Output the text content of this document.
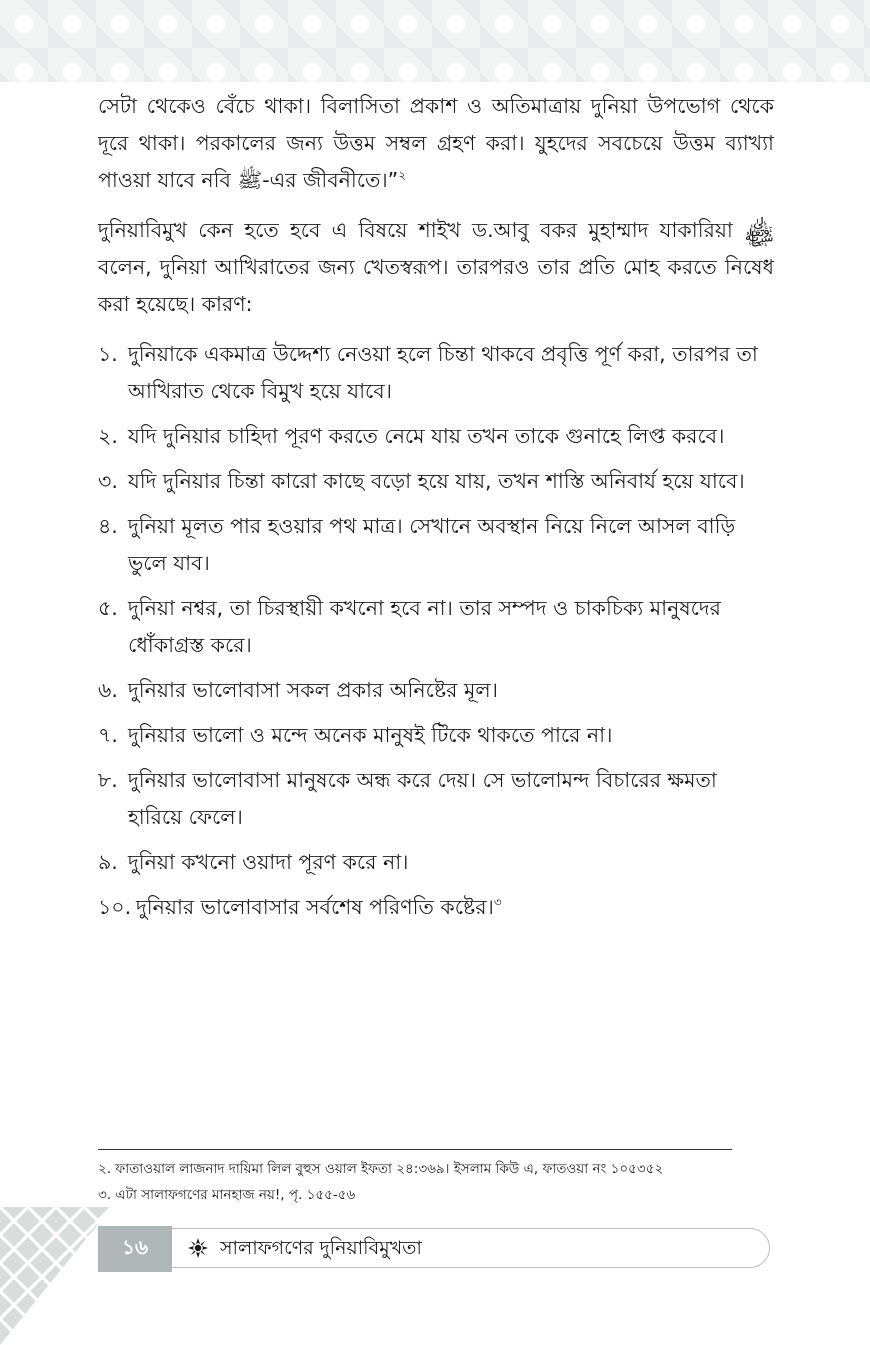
সেটা থেকেও বেঁচে থাকা। বিলাসিতা প্রকাশ ও অতিমাত্রায় দুনিয়া উপভোগ থেকে দূরে থাকা। পরকালের জন্য উত্তম সম্বল গ্রহণ করা। যুহদের সবচেয়ে উত্তম ব্যাখ্যা পাওয়া যাবে নবি ﷺ-এর জীবনীতে।”$^২$

দুনিয়াবিমুখ কেন হতে হবে এ বিষয়ে শাইখ ড.আবু বকর মুহাম্মাদ যাকারিয়া ﷾ বলেন, দুনিয়া আখিরাতের জন্য খেতস্বরূপ। তারপরও তার প্রতি মোহ করতে নিষেধ করা হয়েছে। কারণ:

১. দুনিয়াকে একমাত্র উদ্দেশ্য নেওয়া হলে চিন্তা থাকবে প্রবৃত্তি পূর্ণ করা, তারপর তা আখিরাত থেকে বিমুখ হয়ে যাবে।
২. যদি দুনিয়ার চাহিদা পূরণ করতে নেমে যায় তখন তাকে গুনাহে লিপ্ত করবে।
৩. যদি দুনিয়ার চিন্তা কারো কাছে বড়ো হয়ে যায়, তখন শাস্তি অনিবার্য হয়ে যাবে।
৪. দুনিয়া মূলত পার হওয়ার পথ মাত্র। সেখানে অবস্থান নিয়ে নিলে আসল বাড়ি ভুলে যাব।
৫. দুনিয়া নশ্বর, তা চিরস্থায়ী কখনো হবে না। তার সম্পদ ও চাকচিক্য মানুষদের ধোঁকাগ্রস্ত করে।
৬. দুনিয়ার ভালোবাসা সকল প্রকার অনিষ্টের মূল।
৭. দুনিয়ার ভালো ও মন্দে অনেক মানুষই টিকে থাকতে পারে না।
৮. দুনিয়ার ভালোবাসা মানুষকে অন্ধ করে দেয়। সে ভালোমন্দ বিচারের ক্ষমতা হারিয়ে ফেলে।
৯. দুনিয়া কখনো ওয়াদা পূরণ করে না।
১০. দুনিয়ার ভালোবাসার সর্বশেষ পরিণতি কষ্টের।$^৩$
২. ফাতাওয়াল লাজনাদ দায়িমা লিল বুহুস ওয়াল ইফতা ২৪:৩৬৯। ইসলাম কিউ এ, ফাতওয়া নং ১০৫৩৫২
৩. এটা সালাফগণের মানহাজ নয়!, পৃ. ১৫৫-৫৬
১৬	সালাফগণের দুনিয়াবিমুখতা
